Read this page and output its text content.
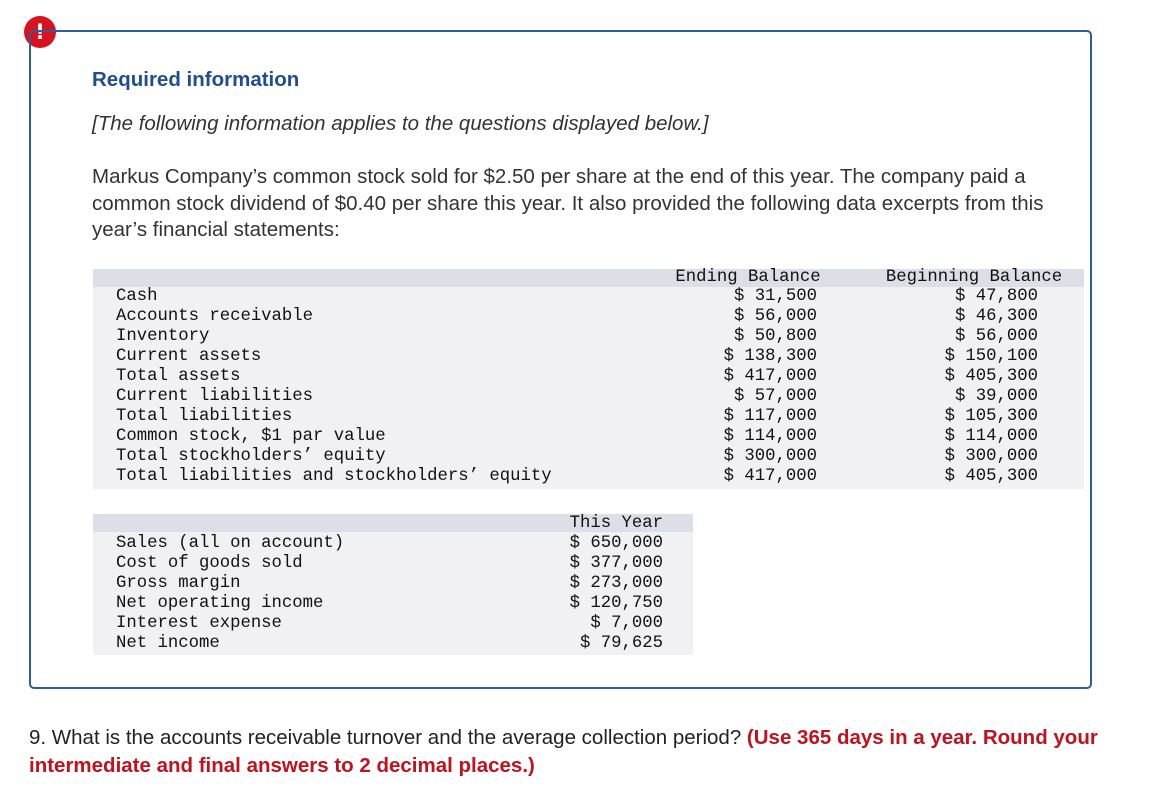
!
Required information

[The following information applies to the questions displayed below.]

Markus Company’s common stock sold for $2.50 per share at the end of this year. The company paid a common stock dividend of $0.40 per share this year. It also provided the following data excerpts from this year’s financial statements:

Ending Balance	Beginning Balance
Cash	$ 31,500	$ 47,800
Accounts receivable	$ 56,000	$ 46,300
Inventory	$ 50,800	$ 56,000
Current assets	$ 138,300	$ 150,100
Total assets	$ 417,000	$ 405,300
Current liabilities	$ 57,000	$ 39,000
Total liabilities	$ 117,000	$ 105,300
Common stock, $1 par value	$ 114,000	$ 114,000
Total stockholders’ equity	$ 300,000	$ 300,000
Total liabilities and stockholders’ equity	$ 417,000	$ 405,300
This Year
Sales (all on account)	$ 650,000
Cost of goods sold	$ 377,000
Gross margin	$ 273,000
Net operating income	$ 120,750
Interest expense	$ 7,000
Net income	$ 79,625

9. What is the accounts receivable turnover and the average collection period? (Use 365 days in a year. Round your intermediate and final answers to 2 decimal places.)
